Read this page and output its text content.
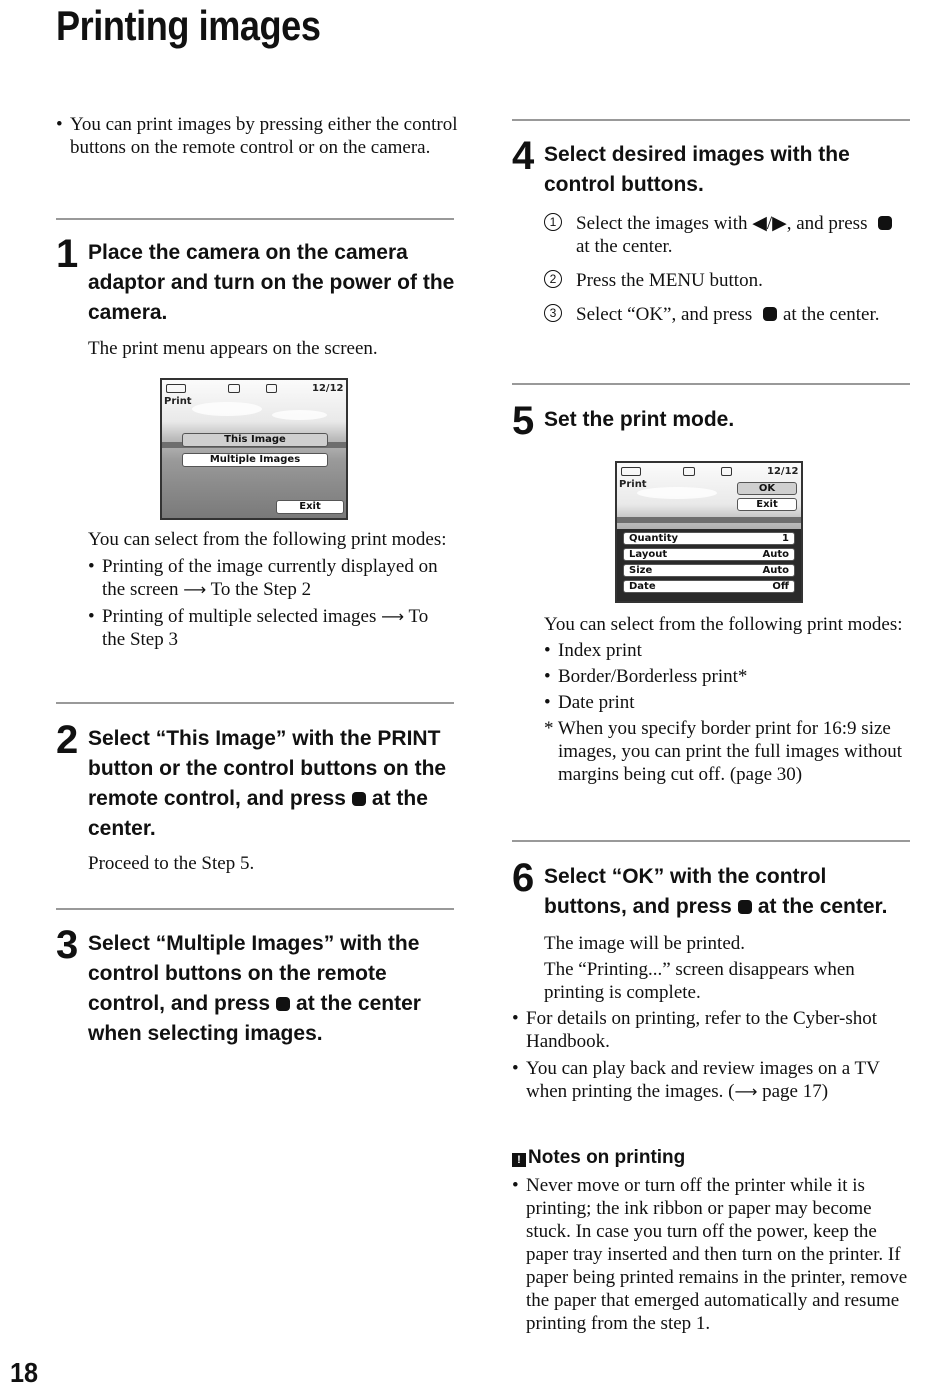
Printing images

• You can print images by pressing either the control buttons on the remote control or on the camera.

1 Place the camera on the camera adaptor and turn on the power of the camera.

The print menu appears on the screen.

12/12
Print
This Image
Multiple Images
Exit

You can select from the following print modes:

• Printing of the image currently displayed on the screen ⟶ To the Step 2

• Printing of multiple selected images ⟶ To the Step 3

2 Select “This Image” with the PRINT button or the control buttons on the remote control, and press at the center.

Proceed to the Step 5.

3 Select “Multiple Images” with the control buttons on the remote control, and press at the center when selecting images.

4 Select desired images with the control buttons.

1 Select the images with ◀/▶, and press at the center.

2 Press the MENU button.

3 Select “OK”, and press at the center.

5 Set the print mode.

12/12
Print	OK
Exit
Quantity	1
Layout	Auto
Size	Auto
Date	Off

You can select from the following print modes:

• Index print

• Border/Borderless print*

• Date print

* When you specify border print for 16:9 size images, you can print the full images without margins being cut off. (page 30)

6 Select “OK” with the control buttons, and press at the center.

The image will be printed.

The “Printing...” screen disappears when printing is complete.

• For details on printing, refer to the Cyber-shot Handbook.

• You can play back and review images on a TV when printing the images. (⟶ page 17)

! Notes on printing

• Never move or turn off the printer while it is printing; the ink ribbon or paper may become stuck. In case you turn off the power, keep the paper tray inserted and then turn on the printer. If paper being printed remains in the printer, remove the paper that emerged automatically and resume printing from the step 1.

18
